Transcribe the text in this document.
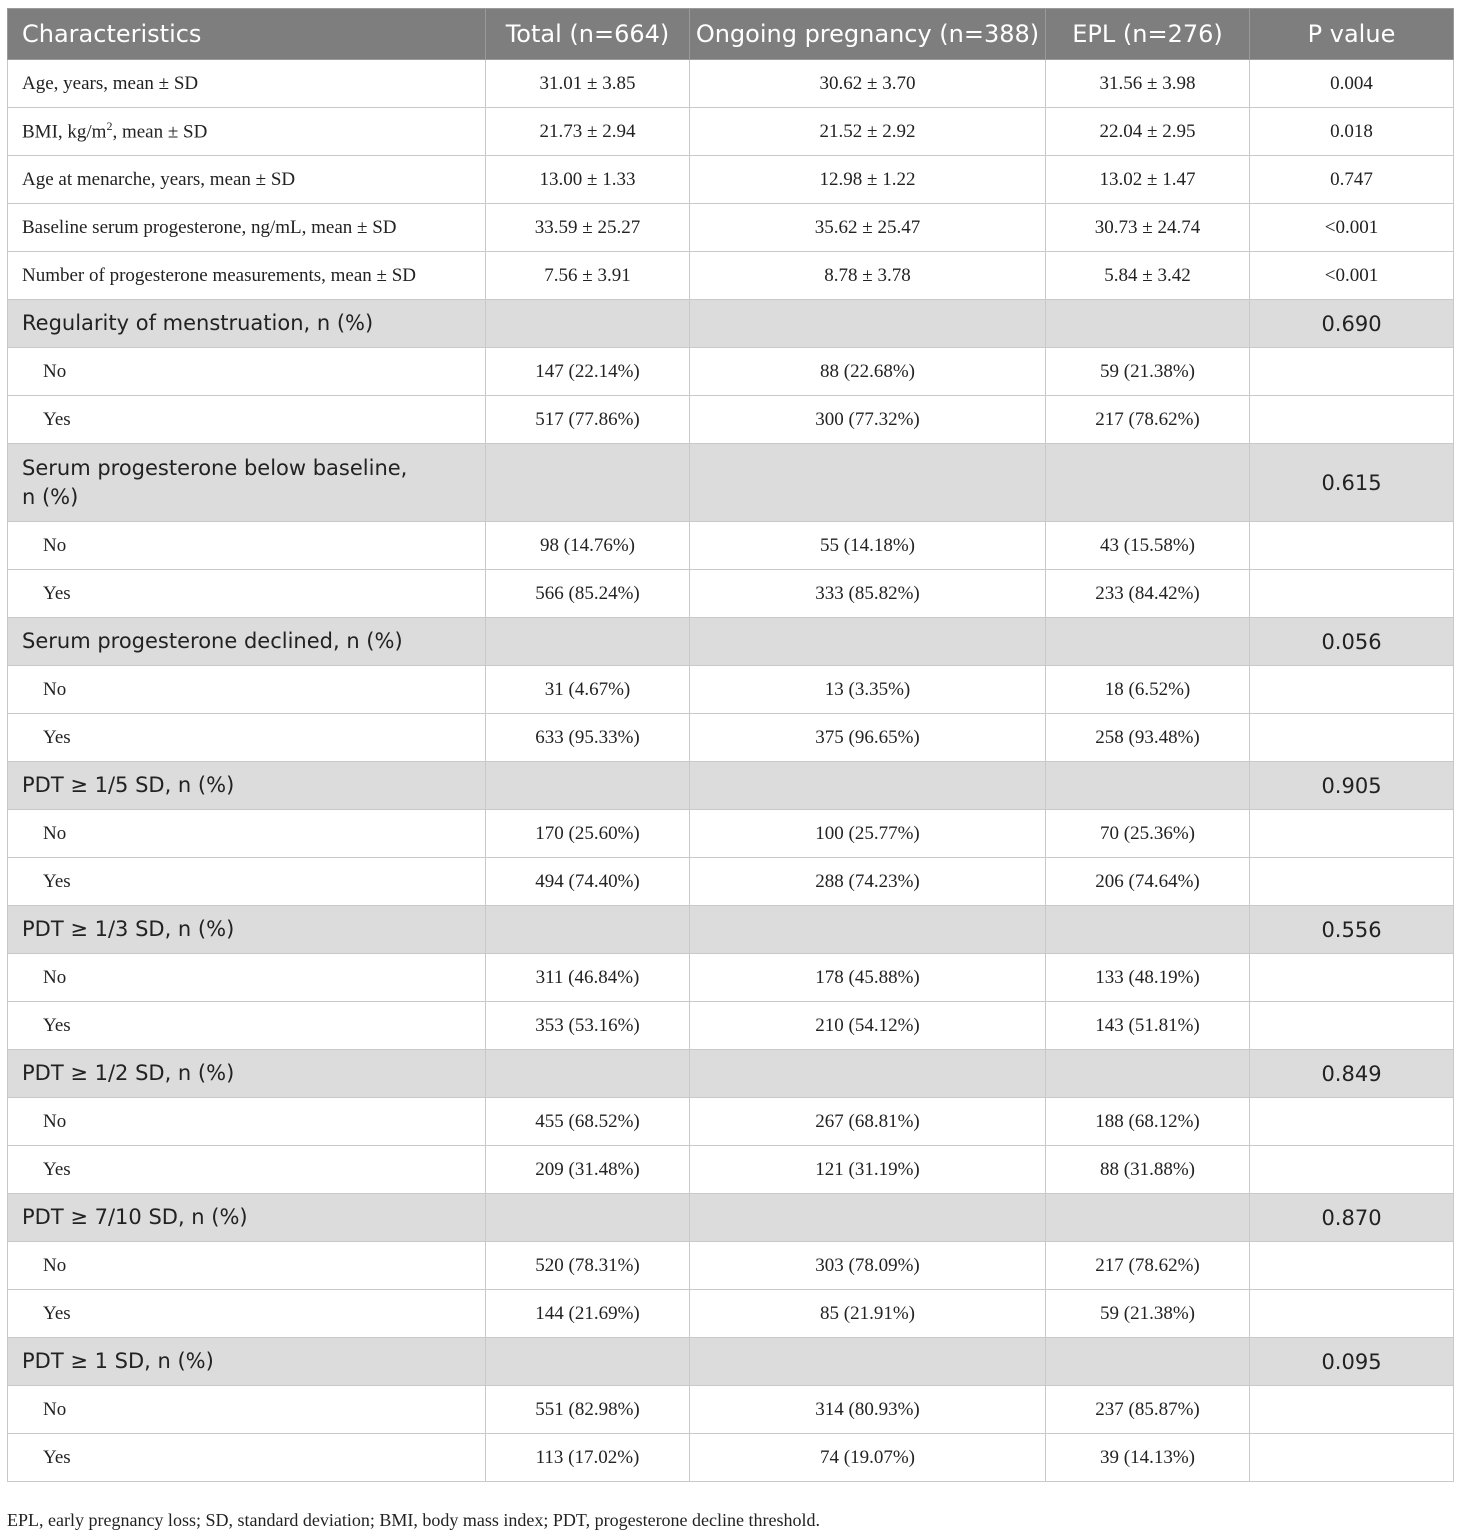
Characteristics	Total (n=664)	Ongoing pregnancy (n=388)	EPL (n=276)	P value
Age, years, mean ± SD	31.01 ± 3.85	30.62 ± 3.70	31.56 ± 3.98	0.004
BMI, $kg/m^2$, mean ± SD	21.73 ± 2.94	21.52 ± 2.92	22.04 ± 2.95	0.018
Age at menarche, years, mean ± SD	13.00 ± 1.33	12.98 ± 1.22	13.02 ± 1.47	0.747
Baseline serum progesterone, ng/mL, mean ± SD	33.59 ± 25.27	35.62 ± 25.47	30.73 ± 24.74	<0.001
Number of progesterone measurements, mean ± SD	7.56 ± 3.91	8.78 ± 3.78	5.84 ± 3.42	<0.001
Regularity of menstruation, n (%)				0.690
No	147 (22.14%)	88 (22.68%)	59 (21.38%)	
Yes	517 (77.86%)	300 (77.32%)	217 (78.62%)	
Serum progesterone below baseline,
n (%)				0.615
No	98 (14.76%)	55 (14.18%)	43 (15.58%)	
Yes	566 (85.24%)	333 (85.82%)	233 (84.42%)	
Serum progesterone declined, n (%)				0.056
No	31 (4.67%)	13 (3.35%)	18 (6.52%)	
Yes	633 (95.33%)	375 (96.65%)	258 (93.48%)	
PDT ≥ 1/5 SD, n (%)				0.905
No	170 (25.60%)	100 (25.77%)	70 (25.36%)	
Yes	494 (74.40%)	288 (74.23%)	206 (74.64%)	
PDT ≥ 1/3 SD, n (%)				0.556
No	311 (46.84%)	178 (45.88%)	133 (48.19%)	
Yes	353 (53.16%)	210 (54.12%)	143 (51.81%)	
PDT ≥ 1/2 SD, n (%)				0.849
No	455 (68.52%)	267 (68.81%)	188 (68.12%)	
Yes	209 (31.48%)	121 (31.19%)	88 (31.88%)	
PDT ≥ 7/10 SD, n (%)				0.870
No	520 (78.31%)	303 (78.09%)	217 (78.62%)	
Yes	144 (21.69%)	85 (21.91%)	59 (21.38%)	
PDT ≥ 1 SD, n (%)				0.095
No	551 (82.98%)	314 (80.93%)	237 (85.87%)	
Yes	113 (17.02%)	74 (19.07%)	39 (14.13%)	
EPL, early pregnancy loss; SD, standard deviation; BMI, body mass index; PDT, progesterone decline threshold.
